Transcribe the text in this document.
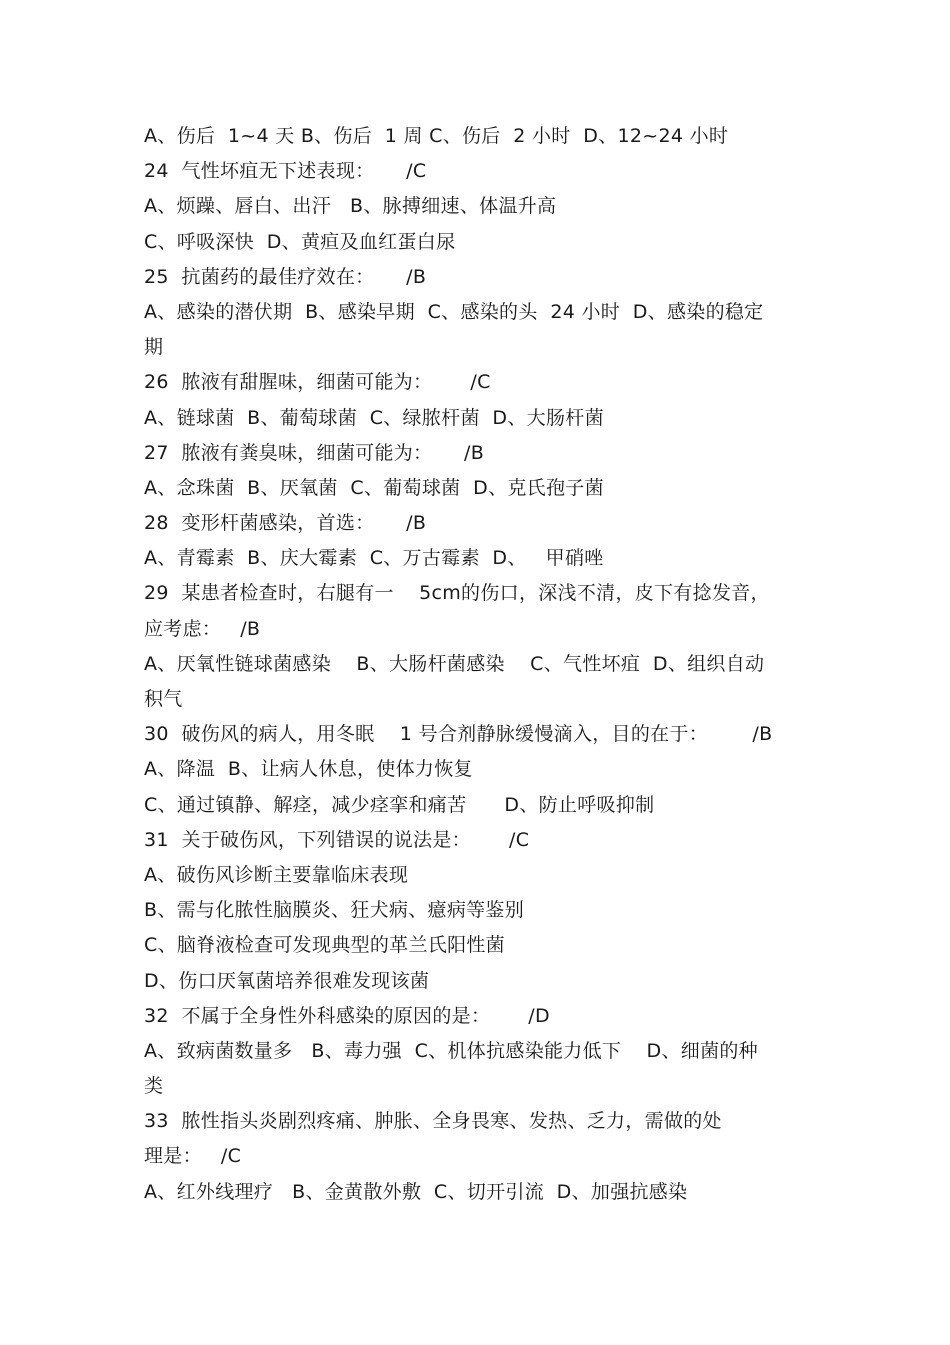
A、伤后  1~4 天 B、伤后  1 周 C、伤后  2 小时  D、12~24 小时
24  气性坏疽无下述表现：     /C
A、烦躁、唇白、出汗   B、脉搏细速、体温升高
C、呼吸深快  D、黄疸及血红蛋白尿
25  抗菌药的最佳疗效在：     /B
A、感染的潜伏期  B、感染早期  C、感染的头  24 小时  D、感染的稳定
期
26  脓液有甜腥味，细菌可能为：      /C
A、链球菌  B、葡萄球菌  C、绿脓杆菌  D、大肠杆菌
27  脓液有粪臭味，细菌可能为：     /B
A、念珠菌  B、厌氧菌  C、葡萄球菌  D、克氏孢子菌
28  变形杆菌感染，首选：     /B
A、青霉素  B、庆大霉素  C、万古霉素  D、   甲硝唑
29  某患者检查时，右腿有一    5cm的伤口，深浅不清，皮下有捻发音，
应考虑：   /B
A、厌氧性链球菌感染    B、大肠杆菌感染    C、气性坏疽  D、组织自动
积气
30  破伤风的病人，用冬眠    1 号合剂静脉缓慢滴入，目的在于：       /B
A、降温  B、让病人休息，使体力恢复
C、通过镇静、解痉，减少痉挛和痛苦      D、防止呼吸抑制
31  关于破伤风，下列错误的说法是：      /C
A、破伤风诊断主要靠临床表现
B、需与化脓性脑膜炎、狂犬病、癔病等鉴别
C、脑脊液检查可发现典型的革兰氏阳性菌
D、伤口厌氧菌培养很难发现该菌
32  不属于全身性外科感染的原因的是：      /D
A、致病菌数量多   B、毒力强  C、机体抗感染能力低下    D、细菌的种
类
33  脓性指头炎剧烈疼痛、肿胀、全身畏寒、发热、乏力，需做的处
理是：   /C
A、红外线理疗   B、金黄散外敷  C、切开引流  D、加强抗感染
